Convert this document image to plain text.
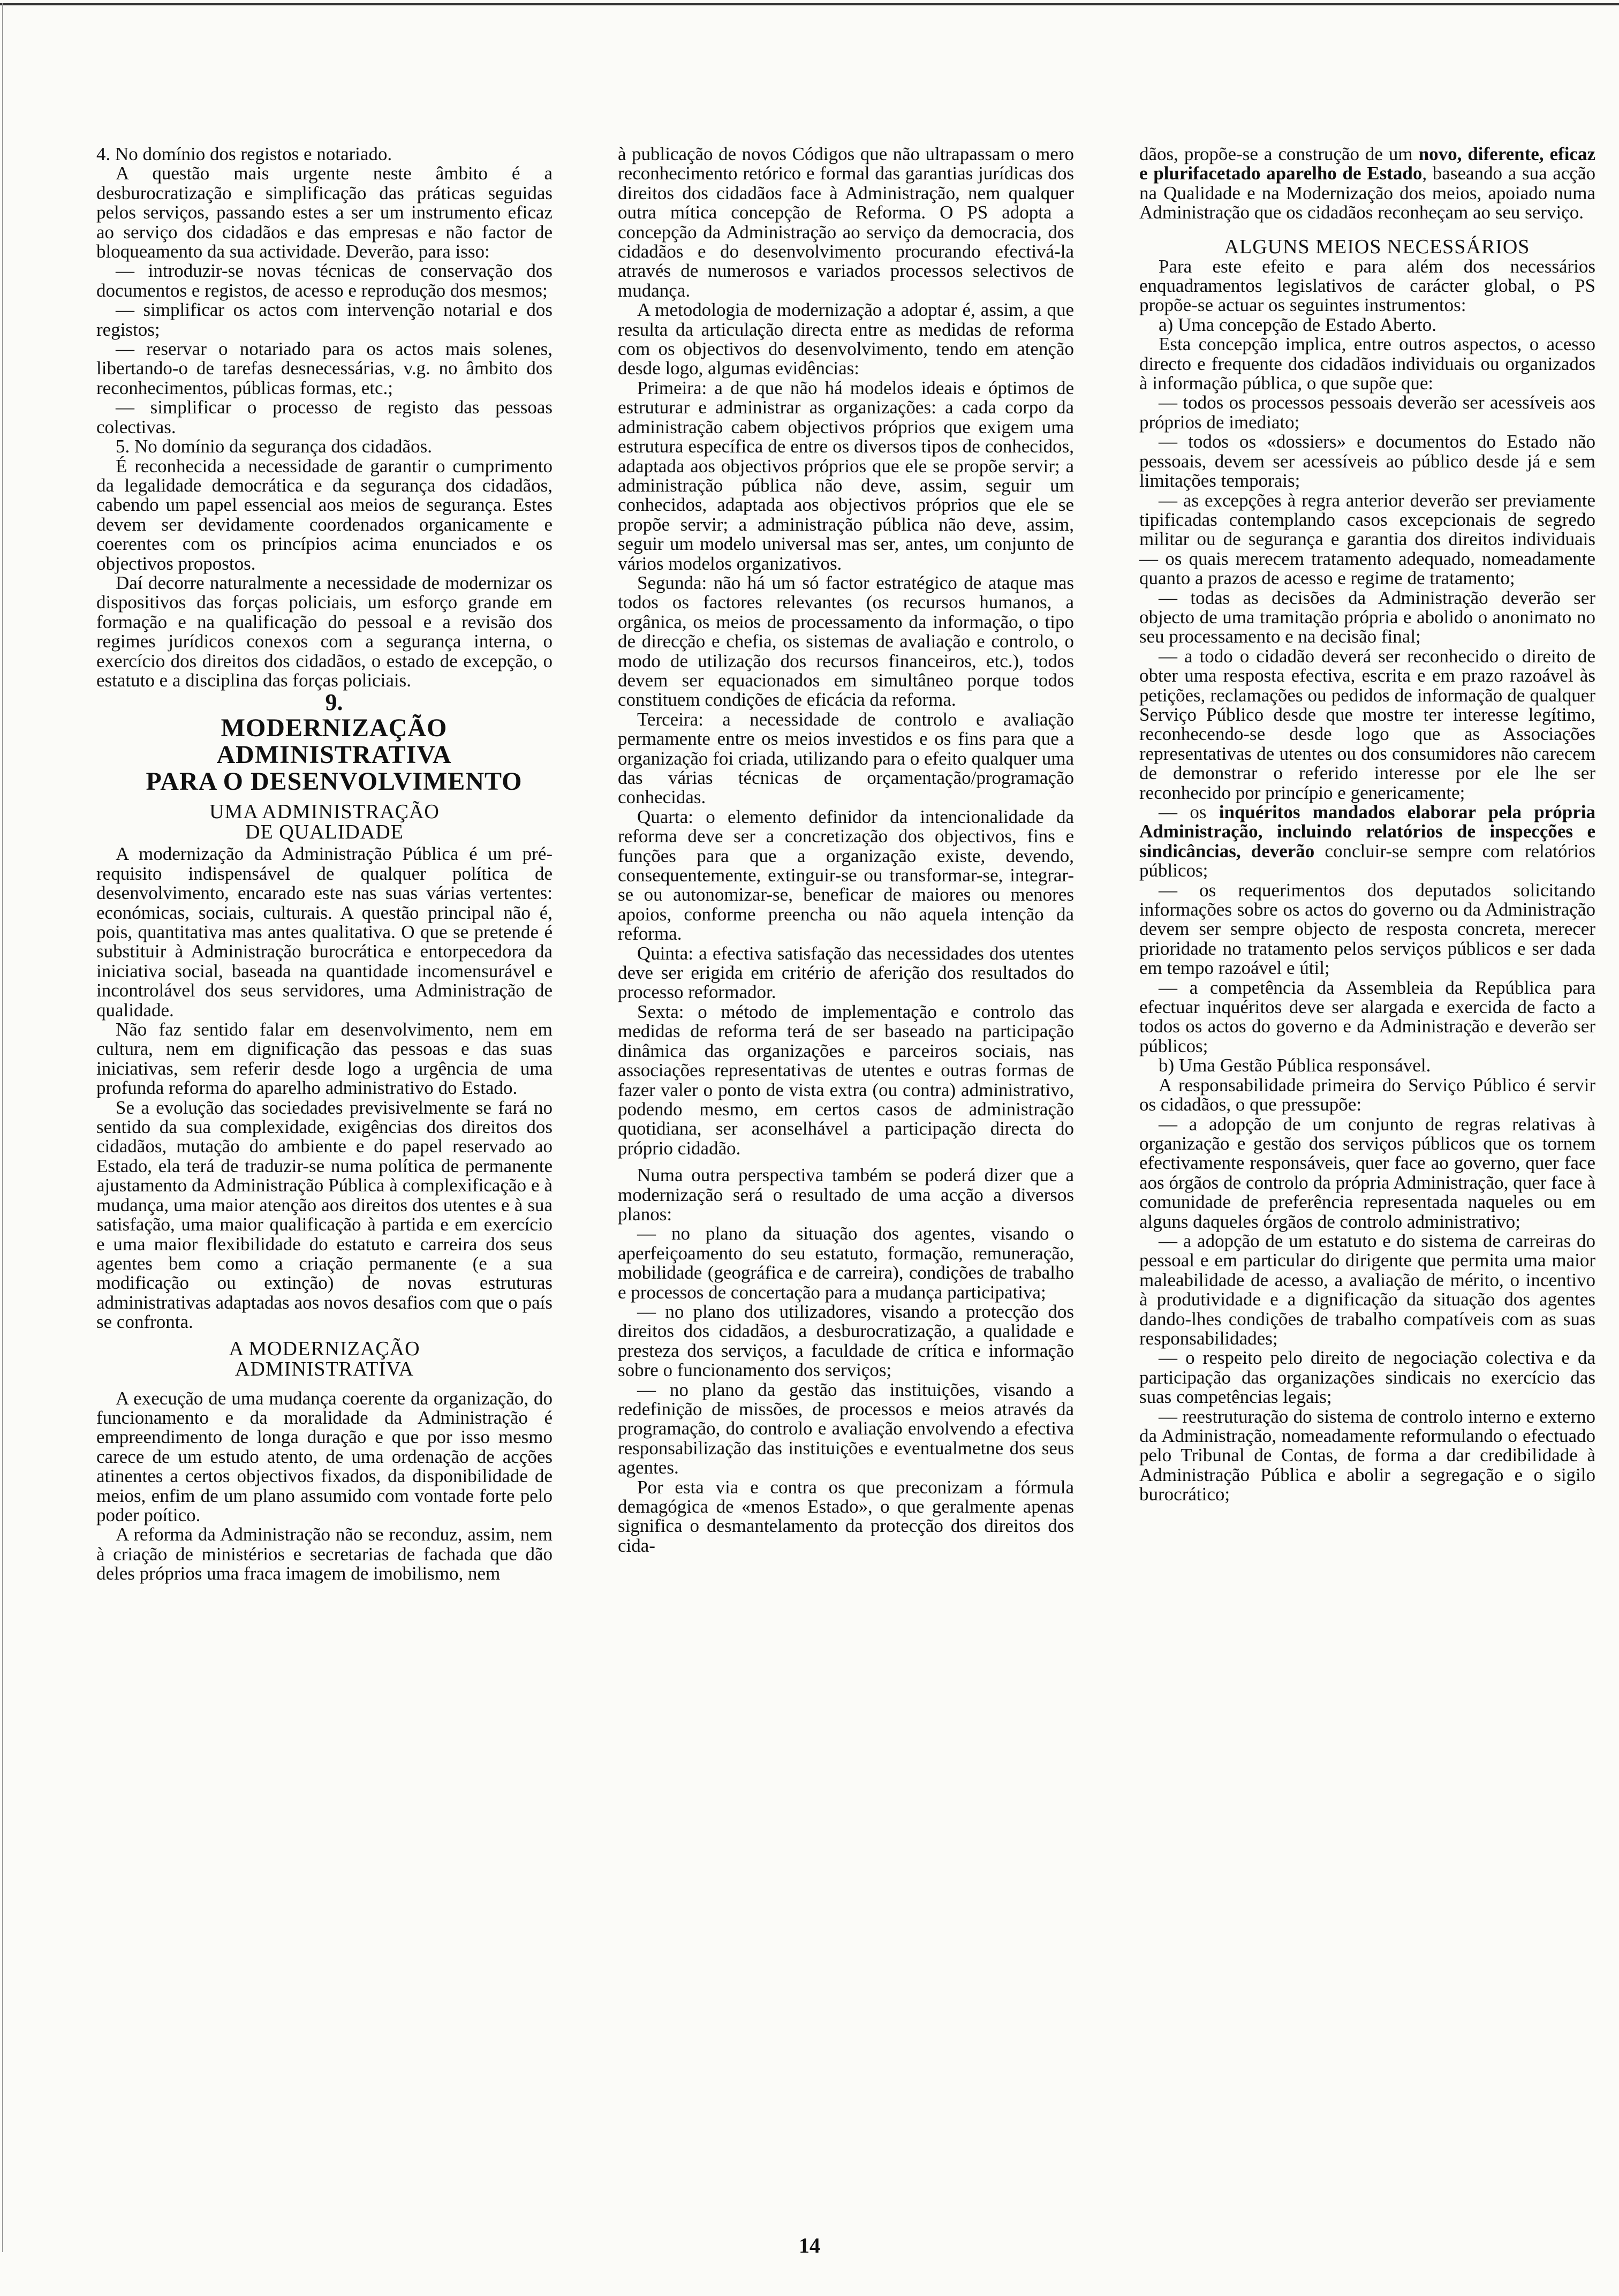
4. No domínio dos registos e notariado.

A questão mais urgente neste âmbito é a desburocratização e simplificação das práticas seguidas pelos serviços, passando estes a ser um instrumento eficaz ao serviço dos cidadãos e das empresas e não factor de bloqueamento da sua actividade. Deverão, para isso:

— introduzir-se novas técnicas de conservação dos documentos e registos, de acesso e reprodução dos mesmos;

— simplificar os actos com intervenção notarial e dos registos;

— reservar o notariado para os actos mais solenes, libertando-o de tarefas desnecessárias, v.g. no âmbito dos reconhecimentos, públicas formas, etc.;

— simplificar o processo de registo das pessoas colectivas.

5. No domínio da segurança dos cidadãos.

É reconhecida a necessidade de garantir o cumprimento da legalidade democrática e da segurança dos cidadãos, cabendo um papel essencial aos meios de segurança. Estes devem ser devidamente coordenados organicamente e coerentes com os princípios acima enunciados e os objectivos propostos.

Daí decorre naturalmente a necessidade de modernizar os dispositivos das forças policiais, um esforço grande em formação e na qualificação do pessoal e a revisão dos regimes jurídicos conexos com a segurança interna, o exercício dos direitos dos cidadãos, o estado de excepção, o estatuto e a disciplina das forças policiais.

9.

MODERNIZAÇÃO

ADMINISTRATIVA

PARA O DESENVOLVIMENTO

UMA ADMINISTRAÇÃO
DE QUALIDADE

A modernização da Administração Pública é um pré-requisito indispensável de qualquer política de desenvolvimento, encarado este nas suas várias vertentes: económicas, sociais, culturais. A questão principal não é, pois, quantitativa mas antes qualitativa. O que se pretende é substituir à Administração burocrática e entorpecedora da iniciativa social, baseada na quantidade incomensurável e incontrolável dos seus servidores, uma Administração de qualidade.

Não faz sentido falar em desenvolvimento, nem em cultura, nem em dignificação das pessoas e das suas iniciativas, sem referir desde logo a urgência de uma profunda reforma do aparelho administrativo do Estado.

Se a evolução das sociedades previsivelmente se fará no sentido da sua complexidade, exigências dos direitos dos cidadãos, mutação do ambiente e do papel reservado ao Estado, ela terá de traduzir-se numa política de permanente ajustamento da Administração Pública à complexificação e à mudança, uma maior atenção aos direitos dos utentes e à sua satisfação, uma maior qualificação à partida e em exercício e uma maior flexibilidade do estatuto e carreira dos seus agentes bem como a criação permanente (e a sua modificação ou extinção) de novas estruturas administrativas adaptadas aos novos desafios com que o país se confronta.

A MODERNIZAÇÃO
ADMINISTRATIVA

A execução de uma mudança coerente da organização, do funcionamento e da moralidade da Administração é empreendimento de longa duração e que por isso mesmo carece de um estudo atento, de uma ordenação de acções atinentes a certos objectivos fixados, da disponibilidade de meios, enfim de um plano assumido com vontade forte pelo poder poítico.

A reforma da Administração não se reconduz, assim, nem à criação de ministérios e secretarias de fachada que dão deles próprios uma fraca imagem de imobilismo, nem

à publicação de novos Códigos que não ultrapassam o mero reconhecimento retórico e formal das garantias jurídicas dos direitos dos cidadãos face à Administração, nem qualquer outra mítica concepção de Reforma. O PS adopta a concepção da Administração ao serviço da democracia, dos cidadãos e do desenvolvimento procurando efectivá-la através de numerosos e variados processos selectivos de mudança.

A metodologia de modernização a adoptar é, assim, a que resulta da articulação directa entre as medidas de reforma com os objectivos do desenvolvimento, tendo em atenção desde logo, algumas evidências:

Primeira: a de que não há modelos ideais e óptimos de estruturar e administrar as organizações: a cada corpo da administração cabem objectivos próprios que exigem uma estrutura específica de entre os diversos tipos de conhecidos, adaptada aos objectivos próprios que ele se propõe servir; a administração pública não deve, assim, seguir um conhecidos, adaptada aos objectivos próprios que ele se propõe servir; a administração pública não deve, assim, seguir um modelo universal mas ser, antes, um conjunto de vários modelos organizativos.

Segunda: não há um só factor estratégico de ataque mas todos os factores relevantes (os recursos humanos, a orgânica, os meios de processamento da informação, o tipo de direcção e chefia, os sistemas de avaliação e controlo, o modo de utilização dos recursos financeiros, etc.), todos devem ser equacionados em simultâneo porque todos constituem condições de eficácia da reforma.

Terceira: a necessidade de controlo e avaliação permamente entre os meios investidos e os fins para que a organização foi criada, utilizando para o efeito qualquer uma das várias técnicas de orçamentação/programação conhecidas.

Quarta: o elemento definidor da intencionalidade da reforma deve ser a concretização dos objectivos, fins e funções para que a organização existe, devendo, consequentemente, extinguir-se ou transformar-se, integrar-se ou autonomizar-se, beneficar de maiores ou menores apoios, conforme preencha ou não aquela intenção da reforma.

Quinta: a efectiva satisfação das necessidades dos utentes deve ser erigida em critério de aferição dos resultados do processo reformador.

Sexta: o método de implementação e controlo das medidas de reforma terá de ser baseado na participação dinâmica das organizações e parceiros sociais, nas associações representativas de utentes e outras formas de fazer valer o ponto de vista extra (ou contra) administrativo, podendo mesmo, em certos casos de administração quotidiana, ser aconselhável a participação directa do próprio cidadão.

Numa outra perspectiva também se poderá dizer que a modernização será o resultado de uma acção a diversos planos:

— no plano da situação dos agentes, visando o aperfeiçoamento do seu estatuto, formação, remuneração, mobilidade (geográfica e de carreira), condições de trabalho e processos de concertação para a mudança participativa;

— no plano dos utilizadores, visando a protecção dos direitos dos cidadãos, a desburocratização, a qualidade e presteza dos serviços, a faculdade de crítica e informação sobre o funcionamento dos serviços;

— no plano da gestão das instituições, visando a redefinição de missões, de processos e meios através da programação, do controlo e avaliação envolvendo a efectiva responsabilização das instituições e eventualmetne dos seus agentes.

Por esta via e contra os que preconizam a fórmula demagógica de «menos Estado», o que geralmente apenas significa o desmantelamento da protecção dos direitos dos cida-

dãos, propõe-se a construção de um novo, diferente, eficaz e plurifacetado aparelho de Estado, baseando a sua acção na Qualidade e na Modernização dos meios, apoiado numa Administração que os cidadãos reconheçam ao seu serviço.

ALGUNS MEIOS NECESSÁRIOS

Para este efeito e para além dos necessários enquadramentos legislativos de carácter global, o PS propõe-se actuar os seguintes instrumentos:

a) Uma concepção de Estado Aberto.

Esta concepção implica, entre outros aspectos, o acesso directo e frequente dos cidadãos individuais ou organizados à informação pública, o que supõe que:

— todos os processos pessoais deverão ser acessíveis aos próprios de imediato;

— todos os «dossiers» e documentos do Estado não pessoais, devem ser acessíveis ao público desde já e sem limitações temporais;

— as excepções à regra anterior deverão ser previamente tipificadas contemplando casos excepcionais de segredo militar ou de segurança e garantia dos direitos individuais — os quais merecem tratamento adequado, nomeadamente quanto a prazos de acesso e regime de tratamento;

— todas as decisões da Administração deverão ser objecto de uma tramitação própria e abolido o anonimato no seu processamento e na decisão final;

— a todo o cidadão deverá ser reconhecido o direito de obter uma resposta efectiva, escrita e em prazo razoável às petições, reclamações ou pedidos de informação de qualquer Serviço Público desde que mostre ter interesse legítimo, reconhecendo-se desde logo que as Associações representativas de utentes ou dos consumidores não carecem de demonstrar o referido interesse por ele lhe ser reconhecido por princípio e genericamente;

— os inquéritos mandados elaborar pela própria Administração, incluindo relatórios de inspecções e sindicâncias, deverão concluir-se sempre com relatórios públicos;

— os requerimentos dos deputados solicitando informações sobre os actos do governo ou da Administração devem ser sempre objecto de resposta concreta, merecer prioridade no tratamento pelos serviços públicos e ser dada em tempo razoável e útil;

— a competência da Assembleia da República para efectuar inquéritos deve ser alargada e exercida de facto a todos os actos do governo e da Administração e deverão ser públicos;

b) Uma Gestão Pública responsável.

A responsabilidade primeira do Serviço Público é servir os cidadãos, o que pressupõe:

— a adopção de um conjunto de regras relativas à organização e gestão dos serviços públicos que os tornem efectivamente responsáveis, quer face ao governo, quer face aos órgãos de controlo da própria Administração, quer face à comunidade de preferência representada naqueles ou em alguns daqueles órgãos de controlo administrativo;

— a adopção de um estatuto e do sistema de carreiras do pessoal e em particular do dirigente que permita uma maior maleabilidade de acesso, a avaliação de mérito, o incentivo à produtividade e a dignificação da situação dos agentes dando-lhes condições de trabalho compatíveis com as suas responsabilidades;

— o respeito pelo direito de negociação colectiva e da participação das organizações sindicais no exercício das suas competências legais;

— reestruturação do sistema de controlo interno e externo da Administração, nomeadamente reformulando o efectuado pelo Tribunal de Contas, de forma a dar credibilidade à Administração Pública e abolir a segregação e o sigilo burocrático;

14
